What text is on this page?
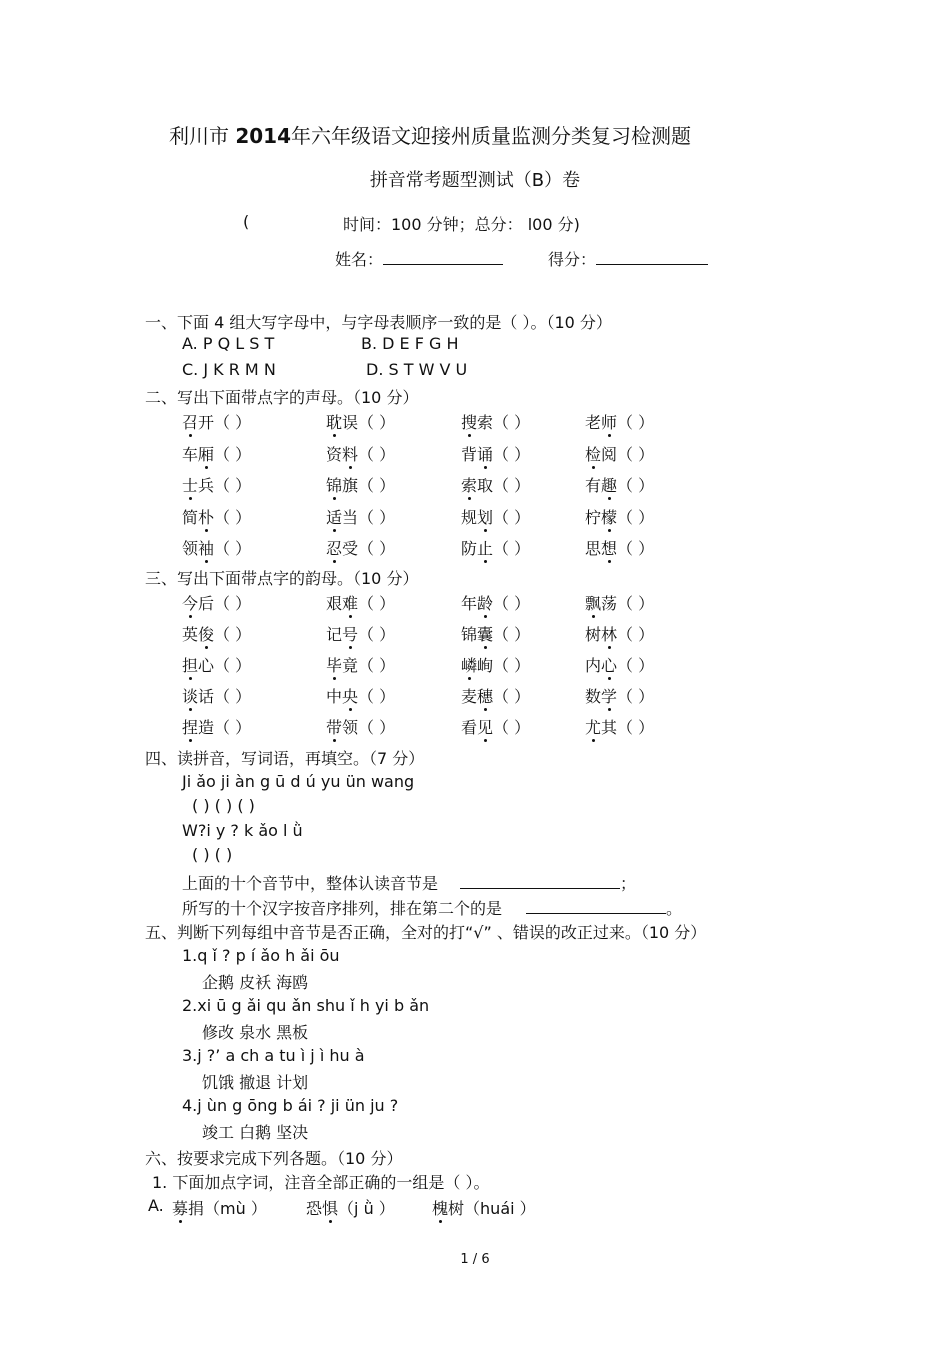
利川市 2014年六年级语文迎接州质量监测分类复习检测题
拼音常考题型测试（B）卷
(	时间：100 分钟；总分： l00 分)
姓名：	得分：
一、下面 4 组大写字母中，与字母表顺序一致的是（ ）。（10 分）
A. P Q L S T	B. D E F G H
C. J K R M N	D. S T W V U
二、写出下面带点字的声母。（10 分）
召开（ ）	耽误（ ）	搜索（ ）	老师（ ）
车厢（ ）	资料（ ）	背诵（ ）	检阅（ ）
士兵（ ）	锦旗（ ）	索取（ ）	有趣（ ）
简朴（ ）	适当（ ）	规划（ ）	柠檬（ ）
领袖（ ）	忍受（ ）	防止（ ）	思想（ ）
三、写出下面带点字的韵母。（10 分）
今后（ ）	艰难（ ）	年龄（ ）	飘荡（ ）
英俊（ ）	记号（ ）	锦囊（ ）	树林（ ）
担心（ ）	毕竟（ ）	嶙峋（ ）	内心（ ）
谈话（ ）	中央（ ）	麦穗（ ）	数学（ ）
捏造（ ）	带领（ ）	看见（ ）	尤其（ ）
四、读拼音，写词语，再填空。（7 分）
Ji ǎo ji àn g ū d ú yu ün wang
( ) ( ) ( )
W?i y ? k ǎo l ǜ
( ) ( )
上面的十个音节中，整体认读音节是	；
所写的十个汉字按音序排列，排在第二个的是	。
五、判断下列每组中音节是否正确，全对的打“√” 、错误的改正过来。（10 分）
1.q ǐ ? p í ǎo h ǎi ōu
企鹅 皮袄 海鸥
2.xi ū g ǎi qu ǎn shu ǐ h yi b ǎn
修改 泉水 黑板
3.j ?’ a ch a tu ì j ì hu à
饥饿 撤退 计划
4.j ùn g ōng b ái ? ji ün ju ?
竣工 白鹅 坚决
六、按要求完成下列各题。（10 分）
1. 下面加点字词，注音全部正确的一组是（ ）。
A. 募捐（mù ） 恐惧（j ǜ ） 槐树（huái ）
1 / 6
